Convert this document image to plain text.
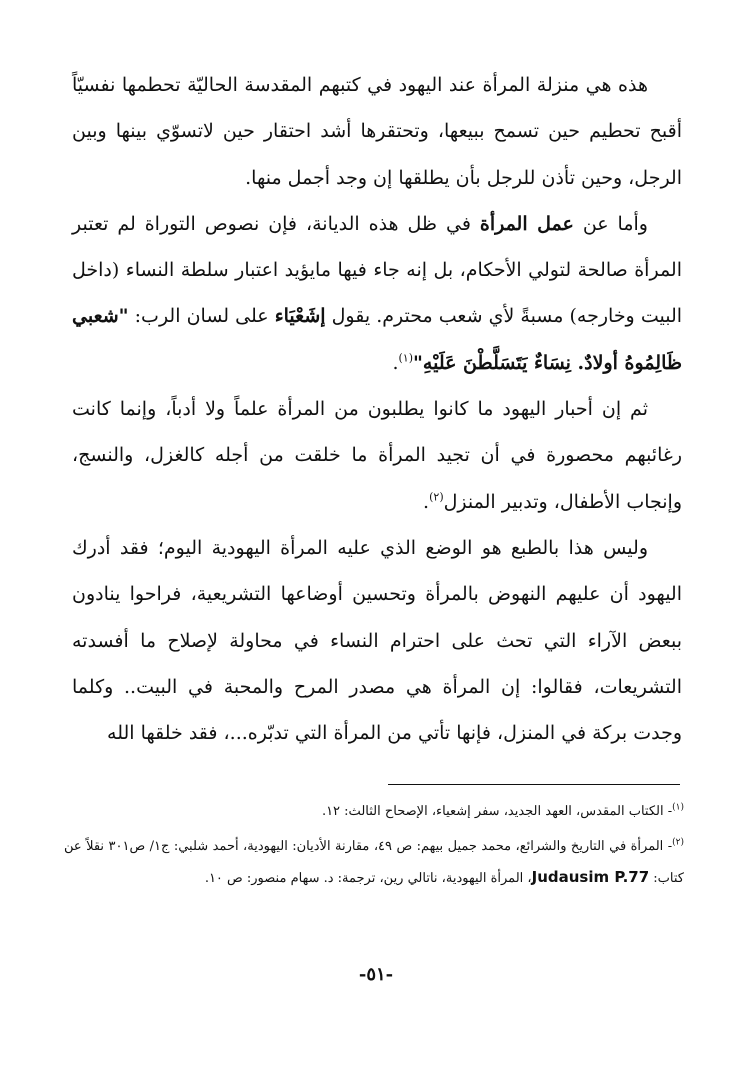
هذه هي منزلة المرأة عند اليهود في كتبهم المقدسة الحاليّة تحطمها نفسيّاً أقبح تحطيم حين تسمح ببيعها، وتحتقرها أشد احتقار حين لاتسوّي بينها وبين الرجل، وحين تأذن للرجل بأن يطلقها إن وجد أجمل منها.

وأما عن عمل المرأة في ظل هذه الديانة، فإن نصوص التوراة لم تعتبر المرأة صالحة لتولي الأحكام، بل إنه جاء فيها مايؤيد اعتبار سلطة النساء (داخل البيت وخارجه) مسبةً لأي شعب محترم. يقول إشَعْيَاء على لسان الرب: "شعبي ظَالِمُوهُ أولادٌ. نِسَاءٌ يَتَسَلَّطْنَ عَلَيْهِ"$^{(١)}$.

ثم إن أحبار اليهود ما كانوا يطلبون من المرأة علماً ولا أدباً، وإنما كانت رغائبهم محصورة في أن تجيد المرأة ما خلقت من أجله كالغزل، والنسج، وإنجاب الأطفال، وتدبير المنزل$^{(٢)}$.

وليس هذا بالطبع هو الوضع الذي عليه المرأة اليهودية اليوم؛ فقد أدرك اليهود أن عليهم النهوض بالمرأة وتحسين أوضاعها التشريعية، فراحوا ينادون ببعض الآراء التي تحث على احترام النساء في محاولة لإصلاح ما أفسدته التشريعات، فقالوا: إن المرأة هي مصدر المرح والمحبة في البيت.. وكلما وجدت بركة في المنزل، فإنها تأتي من المرأة التي تدبّره...، فقد خلقها الله

$^{(١)}$- الكتاب المقدس، العهد الجديد، سفر إشعياء، الإصحاح الثالث: ١٢.

$^{(٢)}$- المرأة في التاريخ والشرائع، محمد جميل بيهم: ص ٤٩، مقارنة الأديان: اليهودية، أحمد شلبي: ج١/ ص٣٠١ نقلاً عن كتاب: Judausim P.77، المرأة اليهودية، ناتالي رين، ترجمة: د. سهام منصور: ص ١٠.

-٥١-
